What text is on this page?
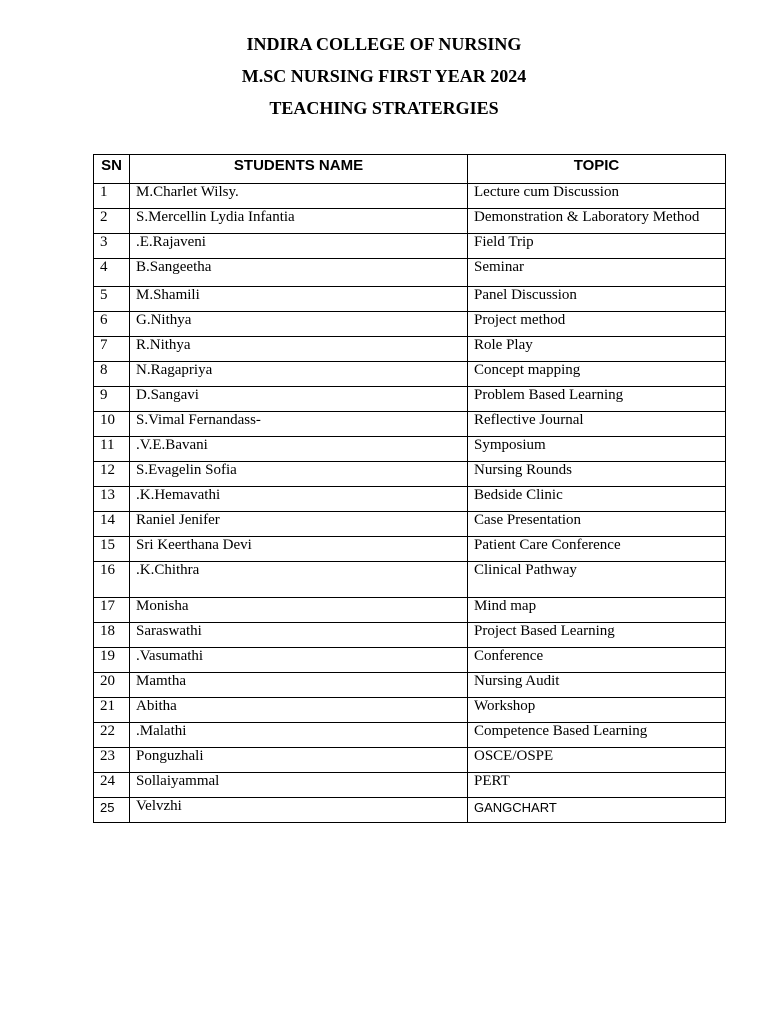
INDIRA COLLEGE OF NURSING
M.SC NURSING FIRST YEAR 2024
TEACHING STRATERGIES
SN	STUDENTS NAME	TOPIC
1	M.Charlet Wilsy.	Lecture cum Discussion
2	S.Mercellin Lydia Infantia	Demonstration & Laboratory Method
3	.E.Rajaveni	Field Trip
4	B.Sangeetha	Seminar
5	M.Shamili	Panel Discussion
6	G.Nithya	Project method
7	R.Nithya	Role Play
8	N.Ragapriya	Concept mapping
9	D.Sangavi	Problem Based Learning
10	S.Vimal Fernandass-	Reflective Journal
11	.V.E.Bavani	Symposium
12	S.Evagelin Sofia	Nursing Rounds
13	.K.Hemavathi	Bedside Clinic
14	Raniel Jenifer	Case Presentation
15	Sri Keerthana Devi	Patient Care Conference
16	.K.Chithra	Clinical Pathway
17	Monisha	Mind map
18	Saraswathi	Project Based Learning
19	.Vasumathi	Conference
20	Mamtha	Nursing Audit
21	Abitha	Workshop
22	.Malathi	Competence Based Learning
23	Ponguzhali	OSCE/OSPE
24	Sollaiyammal	PERT
25	Velvzhi	GANGCHART
